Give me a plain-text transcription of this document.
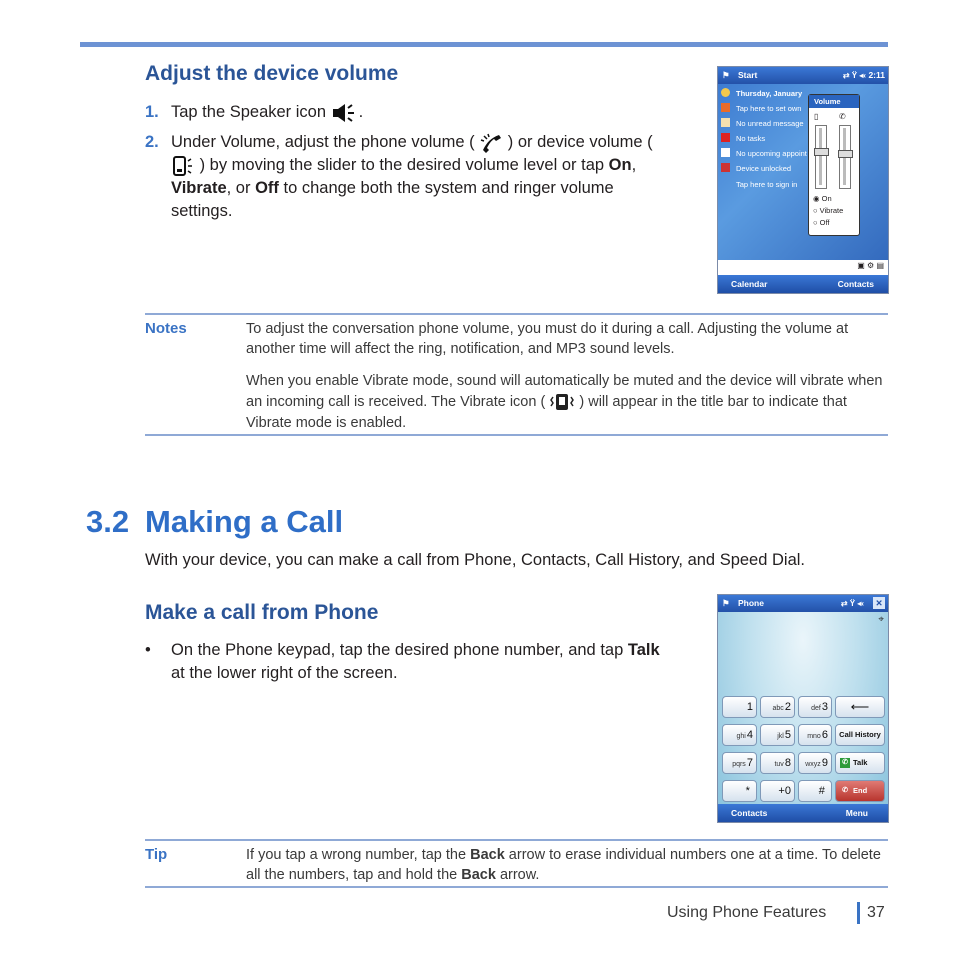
Adjust the device volume
1. Tap the Speaker icon .
2. Under Volume, adjust the phone volume ( ) or device volume (  ) by moving the slider to the desired volume level or tap On, Vibrate, or Off to change both the system and ringer volume settings.
⚑ Start	⇄ Ÿ ◂‹ 2:11
Thursday, January
Tap here to set own
No unread message
No tasks
No upcoming appoint
Device unlocked
Tap here to sign in
Volume
▯	✆
◉ On
○ Vibrate
○ Off
▣ ⚙ ▤
Calendar	Contacts
Notes	To adjust the conversation phone volume, you must do it during a call. Adjusting the volume at another time will affect the ring, notification, and MP3 sound levels.
When you enable Vibrate mode, sound will automatically be muted and the device will vibrate when an incoming call is received. The Vibrate icon ( ) will appear in the title bar to indicate that Vibrate mode is enabled.
3.2 Making a Call
With your device, you can make a call from Phone, Contacts, Call History, and Speed Dial.
Make a call from Phone
• On the Phone keypad, tap the desired phone number, and tap Talk at the lower right of the screen.
⚑ Phone	⇄ Ÿ ◂‹ ✕
⌖
1	abc2	def3	⟵
ghi4	jkl5	mno6	Call History
pqrs7	tuv8	wxyz9	✆ Talk
*	+0	#	✆ End
Contacts	Menu
Tip	If you tap a wrong number, tap the Back arrow to erase individual numbers one at a time. To delete all the numbers, tap and hold the Back arrow.
Using Phone Features	37
